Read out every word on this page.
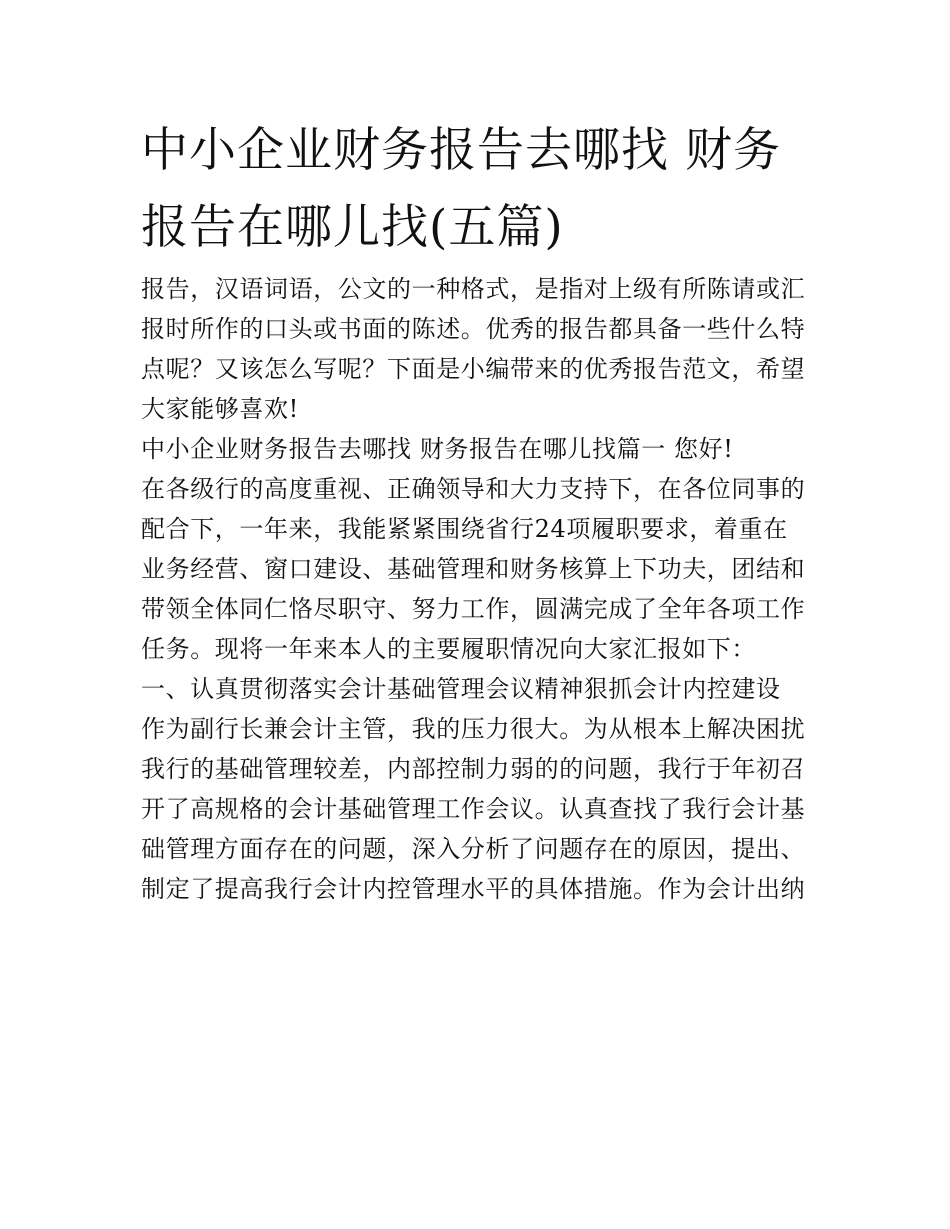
中小企业财务报告去哪找 财务
报告在哪儿找(五篇)

报告，汉语词语，公文的一种格式，是指对上级有所陈请或汇

报时所作的口头或书面的陈述。优秀的报告都具备一些什么特

点呢？又该怎么写呢？下面是小编带来的优秀报告范文，希望

大家能够喜欢!

中小企业财务报告去哪找 财务报告在哪儿找篇一 您好!

在各级行的高度重视、正确领导和大力支持下，在各位同事的

配合下，一年来，我能紧紧围绕省行24项履职要求，着重在

业务经营、窗口建设、基础管理和财务核算上下功夫，团结和

带领全体同仁恪尽职守、努力工作，圆满完成了全年各项工作

任务。现将一年来本人的主要履职情况向大家汇报如下：

一、认真贯彻落实会计基础管理会议精神狠抓会计内控建设

作为副行长兼会计主管，我的压力很大。为从根本上解决困扰

我行的基础管理较差，内部控制力弱的的问题，我行于年初召

开了高规格的会计基础管理工作会议。认真查找了我行会计基

础管理方面存在的问题，深入分析了问题存在的原因，提出、

制定了提高我行会计内控管理水平的具体措施。作为会计出纳
